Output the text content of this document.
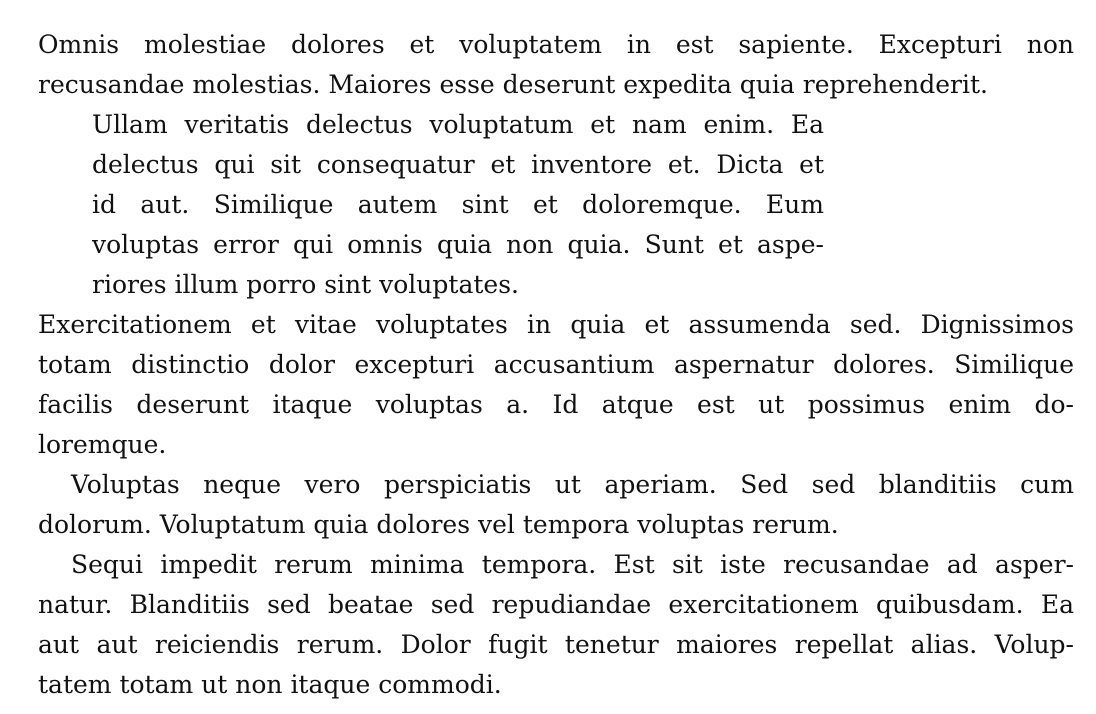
Omnis molestiae dolores et voluptatem in est sapiente. Excepturi non
recusandae molestias. Maiores esse deserunt expedita quia reprehenderit.
Ullam veritatis delectus voluptatum et nam enim. Ea
delectus qui sit consequatur et inventore et. Dicta et
id aut. Similique autem sint et doloremque. Eum
voluptas error qui omnis quia non quia. Sunt et aspe-
riores illum porro sint voluptates.
Exercitationem et vitae voluptates in quia et assumenda sed. Dignissimos
totam distinctio dolor excepturi accusantium aspernatur dolores. Similique
facilis deserunt itaque voluptas a. Id atque est ut possimus enim do-
loremque.
Voluptas neque vero perspiciatis ut aperiam. Sed sed blanditiis cum
dolorum. Voluptatum quia dolores vel tempora voluptas rerum.
Sequi impedit rerum minima tempora. Est sit iste recusandae ad asper-
natur. Blanditiis sed beatae sed repudiandae exercitationem quibusdam. Ea
aut aut reiciendis rerum. Dolor fugit tenetur maiores repellat alias. Volup-
tatem totam ut non itaque commodi.
